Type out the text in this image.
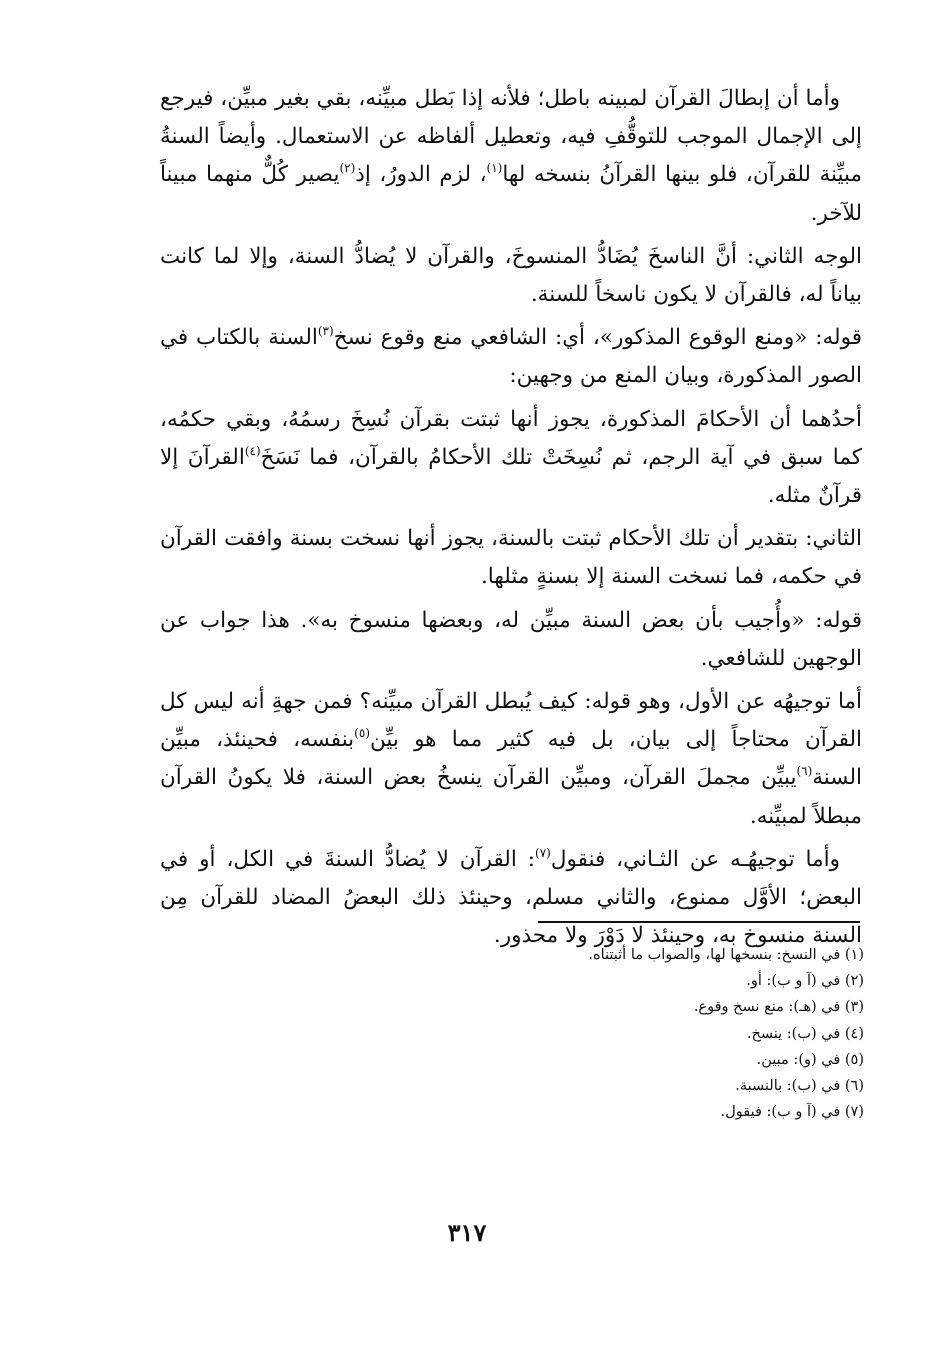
وأما أن إبطالَ القرآن لمبينه باطل؛ فلأنه إذا بَطل مبيِّنه، بقي بغير مبيِّن، فيرجع إلى الإجمال الموجب للتوقُّفِ فيه، وتعطيل ألفاظه عن الاستعمال. وأيضاً السنةُ مبيِّنة للقرآن، فلو بينها القرآنُ بنسخه لها$^{(١)}$، لزم الدورُ، إذ$^{(٢)}$يصير كُلٌّ منهما مبيناً للآخر.

الوجه الثاني: أنَّ الناسخَ يُضَادُّ المنسوخَ، والقرآن لا يُضادُّ السنة، وإلا لما كانت بياناً له، فالقرآن لا يكون ناسخاً للسنة.

قوله: «ومنع الوقوع المذكور»، أي: الشافعي منع وقوع نسخ$^{(٣)}$السنة بالكتاب في الصور المذكورة، وبيان المنع من وجهين:

أحدُهما أن الأحكامَ المذكورة، يجوز أنها ثبتت بقرآن نُسِخَ رسمُهُ، وبقي حكمُه، كما سبق في آية الرجم، ثم نُسِخَتْ تلك الأحكامُ بالقرآن، فما نَسَخَ$^{(٤)}$القرآنَ إلا قرآنٌ مثله.

الثاني: بتقدير أن تلك الأحكام ثبتت بالسنة، يجوز أنها نسخت بسنة وافقت القرآن في حكمه، فما نسخت السنة إلا بسنةٍ مثلها.

قوله: «وأُجيب بأن بعض السنة مبيِّن له، وبعضها منسوخ به». هذا جواب عن الوجهين للشافعي.

أما توجيهُه عن الأول، وهو قوله: كيف يُبطل القرآن مبيِّنه؟ فمن جهةِ أنه ليس كل القرآن محتاجاً إلى بيان، بل فيه كثير مما هو بيِّن$^{(٥)}$بنفسه، فحينئذ، مبيِّن السنة$^{(٦)}$يبيِّن مجملَ القرآن، ومبيِّن القرآن ينسخُ بعض السنة، فلا يكونُ القرآن مبطلاً لمبيِّنه.

وأما توجيهُـه عن الثـاني، فنقول$^{(٧)}$: القرآن لا يُضادُّ السنةَ في الكل، أو في البعض؛ الأوَّل ممنوع، والثاني مسلم، وحينئذ ذلك البعضُ المضاد للقرآن مِن السنة منسوخ به، وحينئذ لا دَوْرَ ولا محذور.

(١) في النسخ: بنسخها لها، والصواب ما أثبتناه.

(٢) في (آ و ب): أو.

(٣) في (هـ): منع نسخ وقوع.

(٤) في (ب): ينسخ.

(٥) في (و): مبين.

(٦) في (ب): بالنسبة.

(٧) في (آ و ب): فيقول.

٣١٧
